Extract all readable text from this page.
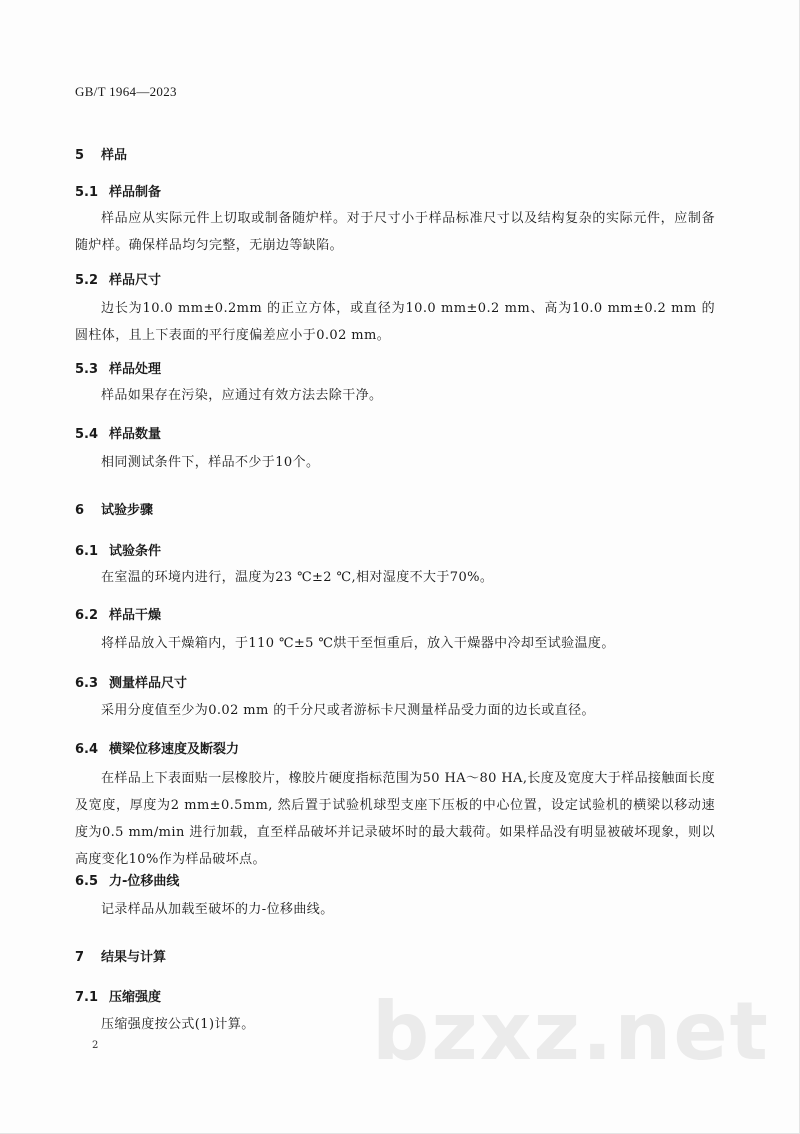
GB/T 1964—2023
5 样品
5.1 样品制备

样品应从实际元件上切取或制备随炉样。对于尺寸小于样品标准尺寸以及结构复杂的实际元件，应制备随炉样。确保样品均匀完整，无崩边等缺陷。

5.2 样品尺寸

边长为10.0 mm±0.2mm 的正立方体，或直径为10.0 mm±0.2 mm、高为10.0 mm±0.2 mm 的圆柱体，且上下表面的平行度偏差应小于0.02 mm。

5.3 样品处理

样品如果存在污染，应通过有效方法去除干净。

5.4 样品数量

相同测试条件下，样品不少于10个。

6 试验步骤
6.1 试验条件

在室温的环境内进行，温度为23 ℃±2 ℃,相对湿度不大于70%。

6.2 样品干燥

将样品放入干燥箱内，于110 ℃±5 ℃烘干至恒重后，放入干燥器中冷却至试验温度。

6.3 测量样品尺寸

采用分度值至少为0.02 mm 的千分尺或者游标卡尺测量样品受力面的边长或直径。

6.4 横梁位移速度及断裂力

在样品上下表面贴一层橡胶片，橡胶片硬度指标范围为50 HA～80 HA,长度及宽度大于样品接触面长度及宽度，厚度为2 mm±0.5mm, 然后置于试验机球型支座下压板的中心位置，设定试验机的横梁以移动速度为0.5 mm/min 进行加载，直至样品破坏并记录破坏时的最大载荷。如果样品没有明显被破坏现象，则以高度变化10%作为样品破坏点。

6.5 力-位移曲线

记录样品从加载至破坏的力-位移曲线。

7 结果与计算
7.1 压缩强度

压缩强度按公式(1)计算。

2	bzxz.net
